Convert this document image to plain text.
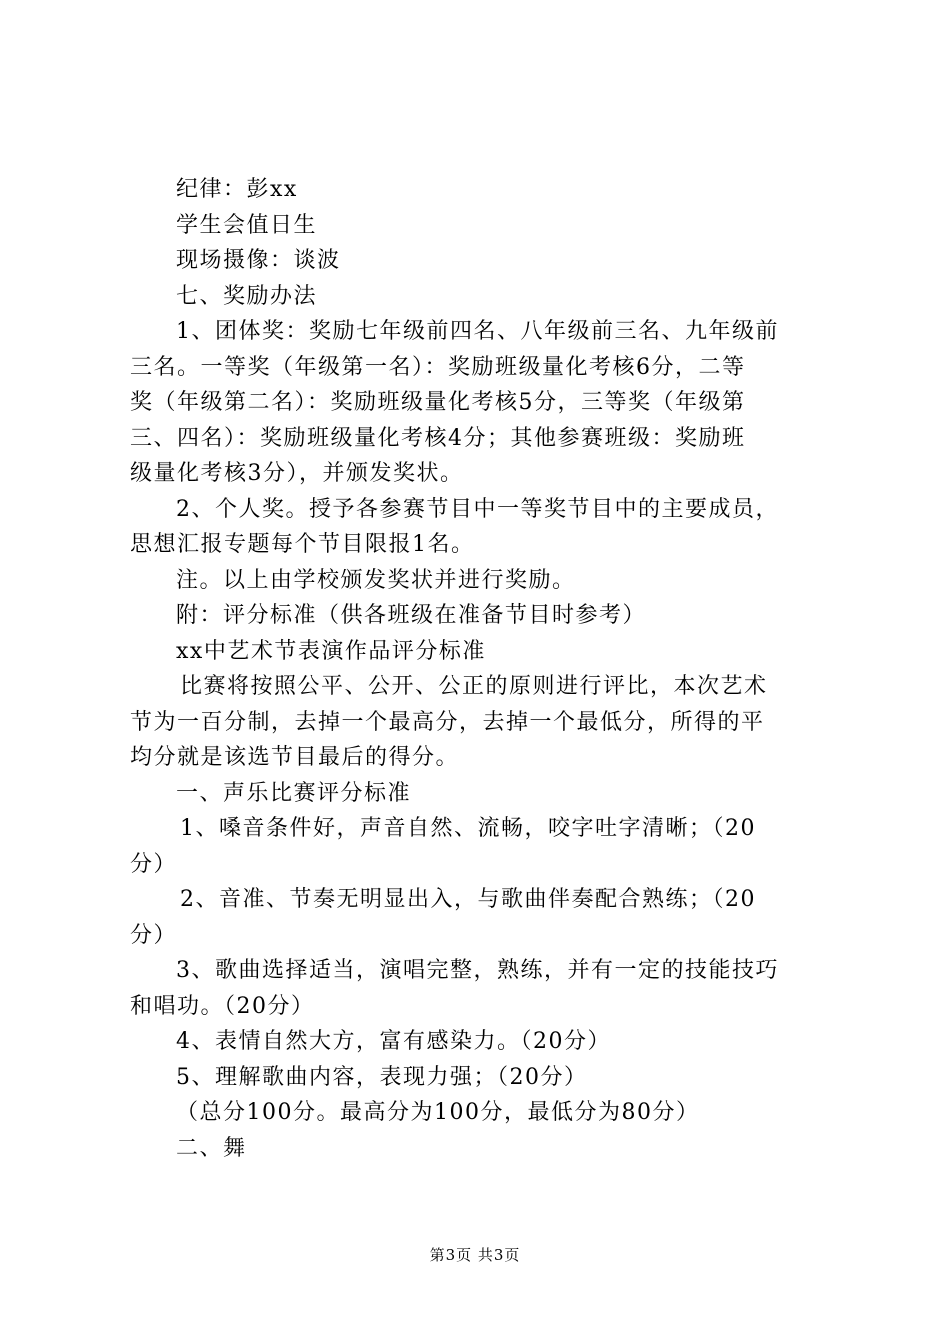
纪律：彭xx
学生会值日生
现场摄像：谈波
七、奖励办法
1、团体奖：奖励七年级前四名、八年级前三名、九年级前
三名。一等奖（年级第一名）：奖励班级量化考核6分，二等
奖（年级第二名）：奖励班级量化考核5分，三等奖（年级第
三、四名）：奖励班级量化考核4分；其他参赛班级：奖励班
级量化考核3分），并颁发奖状。
2、个人奖。授予各参赛节目中一等奖节目中的主要成员，
思想汇报专题每个节目限报1名。
注。以上由学校颁发奖状并进行奖励。
附：评分标准（供各班级在准备节目时参考）
xx中艺术节表演作品评分标准
比赛将按照公平、公开、公正的原则进行评比，本次艺术
节为一百分制，去掉一个最高分，去掉一个最低分，所得的平
均分就是该选节目最后的得分。
一、声乐比赛评分标准
1、嗓音条件好，声音自然、流畅，咬字吐字清晰；（20
分）
2、音准、节奏无明显出入，与歌曲伴奏配合熟练；（20
分）
3、歌曲选择适当，演唱完整，熟练，并有一定的技能技巧
和唱功。（20分）
4、表情自然大方，富有感染力。（20分）
5、理解歌曲内容，表现力强；（20分）
（总分100分。最高分为100分，最低分为80分）
二、舞
第3页 共3页
